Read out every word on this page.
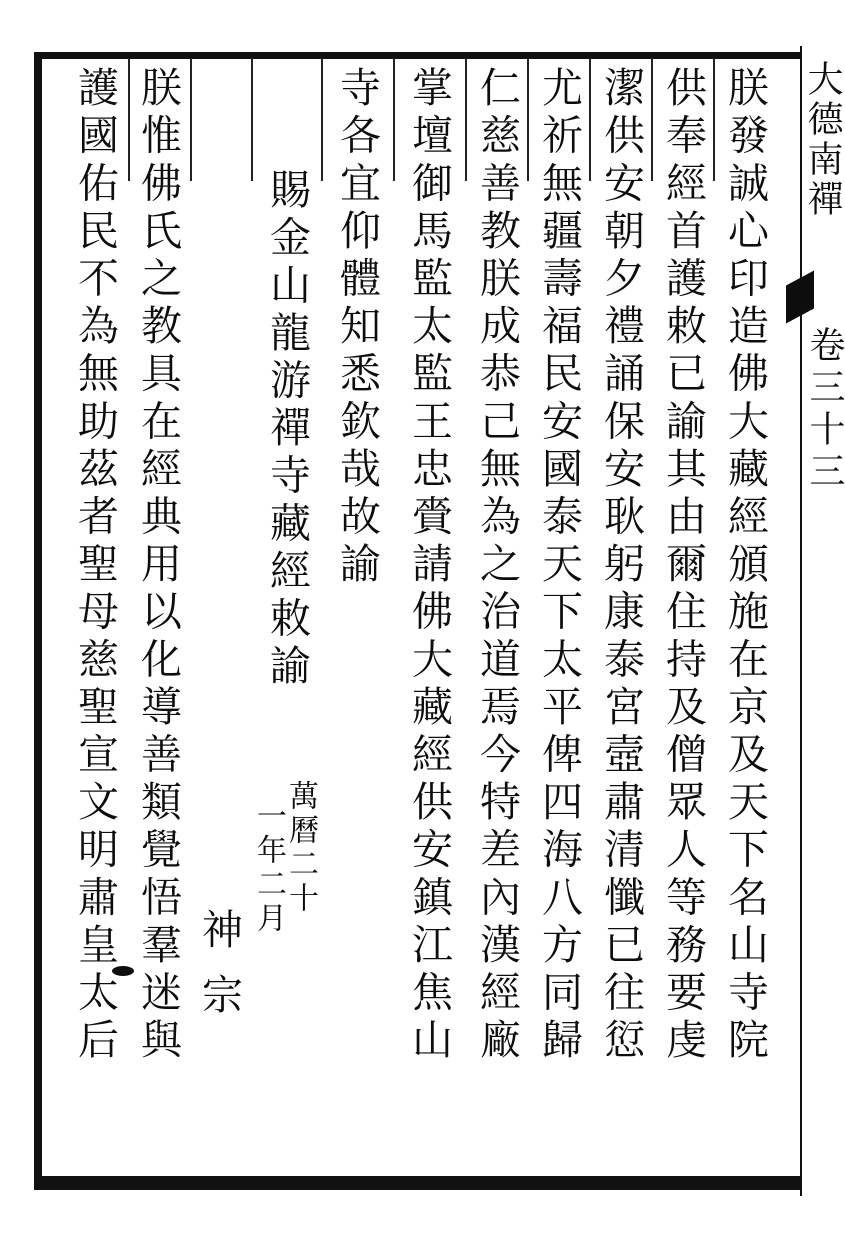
大德南禪
卷三十三
朕發誠心印造佛大藏經頒施在京及天下名山寺院
供奉經首護敕已諭其由爾住持及僧眾人等務要虔
潔供安朝夕禮誦保安耿躬康泰宮壼肅清懺已往愆
尤祈無疆壽福民安國泰天下太平俾四海八方同歸
仁慈善教朕成恭己無為之治道焉今特差內漢經廠
掌壇御馬監太監王忠賫請佛大藏經供安鎮江焦山
寺各宜仰體知悉欽哉故諭
賜金山龍游禪寺藏經敕諭
萬曆二十
一年二月
神宗
朕惟佛氏之教具在經典用以化導善類覺悟羣迷與
護國佑民不為無助茲者聖母慈聖宣文明肅皇太后
